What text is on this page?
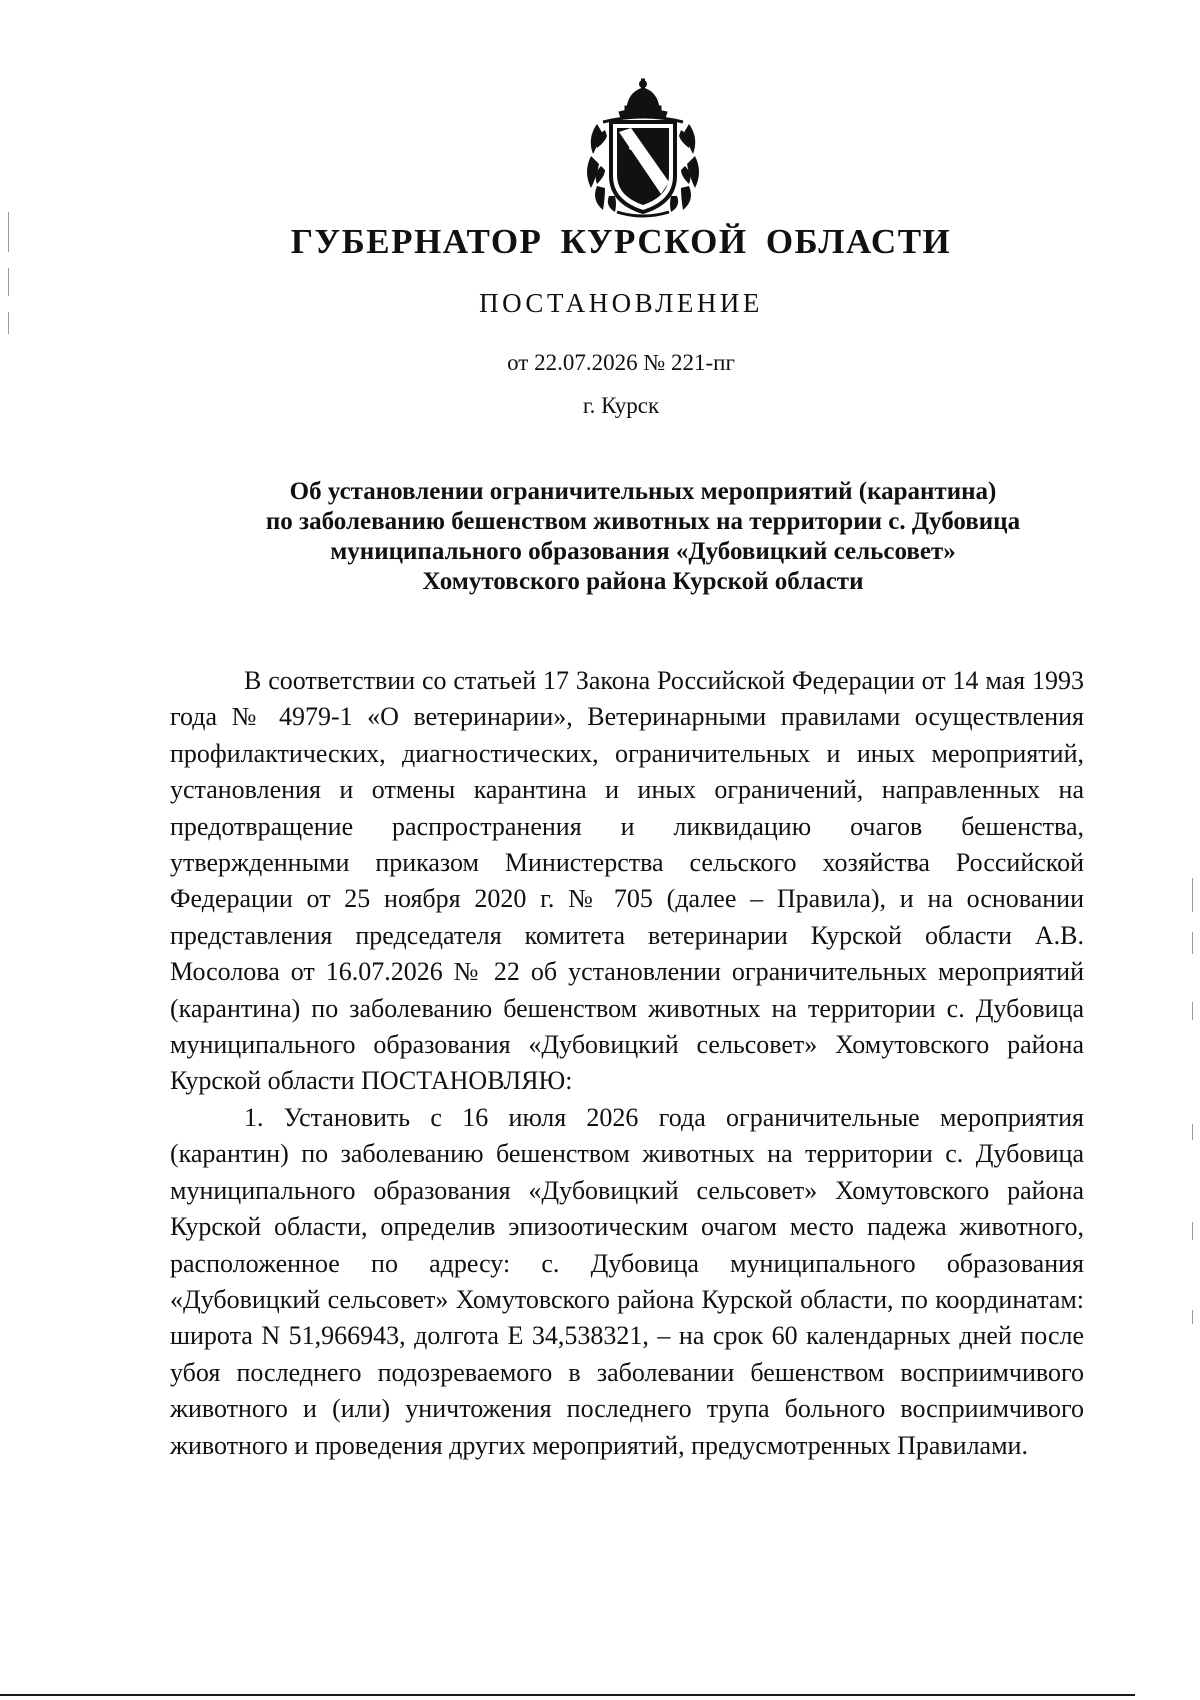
ГУБЕРНАТОР КУРСКОЙ ОБЛАСТИ
ПОСТАНОВЛЕНИЕ
от 22.07.2026 № 221-пг
г. Курск
Об установлении ограничительных мероприятий (карантина)
по заболеванию бешенством животных на территории с. Дубовица
муниципального образования «Дубовицкий сельсовет»
Хомутовского района Курской области

В соответствии со статьей 17 Закона Российской Федерации от 14 мая 1993 года № 4979-1 «О ветеринарии», Ветеринарными правилами осуществления профилактических, диагностических, ограничительных и иных мероприятий, установления и отмены карантина и иных ограничений, направленных на предотвращение распространения и ликвидацию очагов бешенства, утвержденными приказом Министерства сельского хозяйства Российской Федерации от 25 ноября 2020 г. № 705 (далее – Правила), и на основании представления председателя комитета ветеринарии Курской области А.В. Мосолова от 16.07.2026 № 22 об установлении ограничительных мероприятий (карантина) по заболеванию бешенством животных на территории с. Дубовица муниципального образования «Дубовицкий сельсовет» Хомутовского района Курской области ПОСТАНОВЛЯЮ:

1. Установить с 16 июля 2026 года ограничительные мероприятия (карантин) по заболеванию бешенством животных на территории с. Дубовица муниципального образования «Дубовицкий сельсовет» Хомутовского района Курской области, определив эпизоотическим очагом место падежа животного, расположенное по адресу: с. Дубовица муниципального образования «Дубовицкий сельсовет» Хомутовского района Курской области, по координатам: широта N 51,966943, долгота E 34,538321, – на срок 60 календарных дней после убоя последнего подозреваемого в заболевании бешенством восприимчивого животного и (или) уничтожения последнего трупа больного восприимчивого животного и проведения других мероприятий, предусмотренных Правилами.
